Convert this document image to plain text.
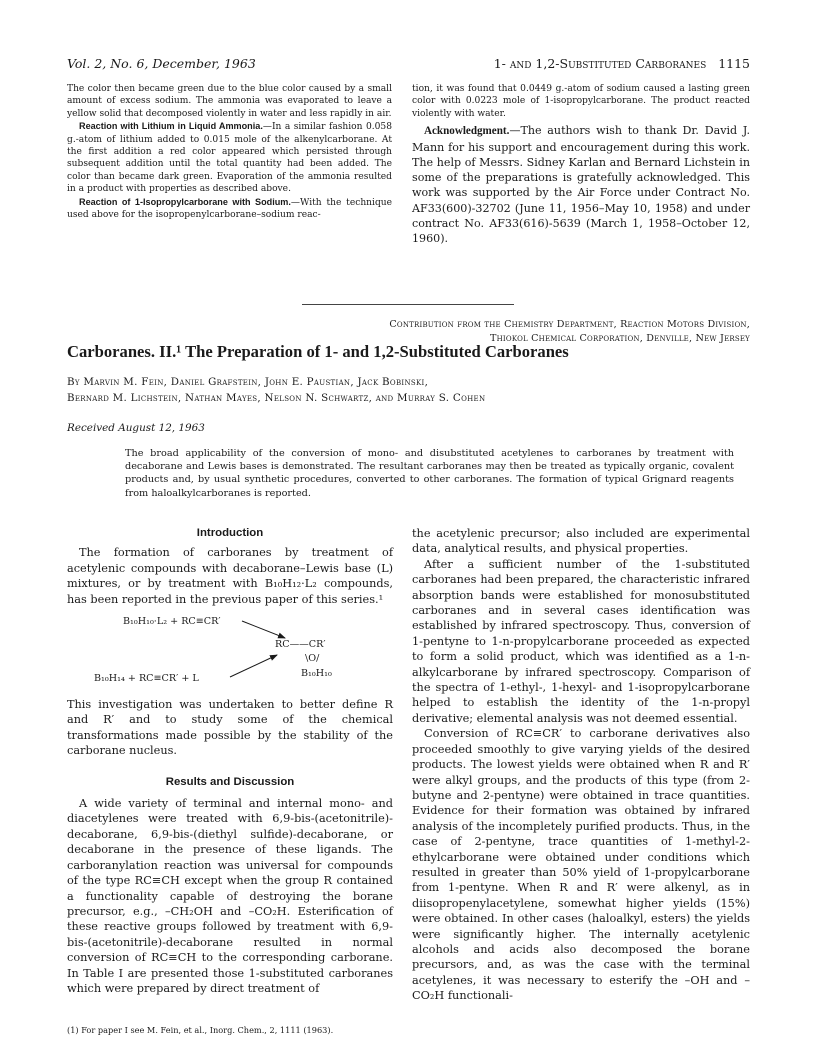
Vol. 2, No. 6, December, 1963	1- and 1,2-Substituted Carboranes 1115

The color then became green due to the blue color caused by a small amount of excess sodium. The ammonia was evaporated to leave a yellow solid that decomposed violently in water and less rapidly in air.

Reaction with Lithium in Liquid Ammonia.—In a similar fashion 0.058 g.-atom of lithium added to 0.015 mole of the alkenylcarborane. At the first addition a red color appeared which persisted through subsequent addition until the total quantity had been added. The color than became dark green. Evaporation of the ammonia resulted in a product with properties as described above.

Reaction of 1-Isopropylcarborane with Sodium.—With the technique used above for the isopropenylcarborane–sodium reac-

tion, it was found that 0.0449 g.-atom of sodium caused a lasting green color with 0.0223 mole of 1-isopropylcarborane. The product reacted violently with water.

Acknowledgment.—The authors wish to thank Dr. David J. Mann for his support and encouragement during this work. The help of Messrs. Sidney Karlan and Bernard Lichstein in some of the preparations is gratefully acknowledged. This work was supported by the Air Force under Contract No. AF33(600)-32702 (June 11, 1956–May 10, 1958) and under contract No. AF33(616)-5639 (March 1, 1958–October 12, 1960).

Contribution from the Chemistry Department, Reaction Motors Division,
Thiokol Chemical Corporation, Denville, New Jersey
Carboranes. II.¹ The Preparation of 1- and 1,2-Substituted Carboranes
By Marvin M. Fein, Daniel Grafstein, John E. Paustian, Jack Bobinski,
Bernard M. Lichstein, Nathan Mayes, Nelson N. Schwartz, and Murray S. Cohen
Received August 12, 1963
The broad applicability of the conversion of mono- and disubstituted acetylenes to carboranes by treatment with decaborane and Lewis bases is demonstrated. The resultant carboranes may then be treated as typically organic, covalent products and, by usual synthetic procedures, converted to other carboranes. The formation of typical Grignard reagents from haloalkylcarboranes is reported.

Introduction

The formation of carboranes by treatment of acetylenic compounds with decaborane–Lewis base (L) mixtures, or by treatment with B₁₀H₁₂·L₂ compounds, has been reported in the previous paper of this series.¹

B₁₀H₁₀·L₂ + RC≡CR′
B₁₀H₁₄ + RC≡CR′ + L
RC——CR′
\O/
B₁₀H₁₀

This investigation was undertaken to better define R and R′ and to study some of the chemical transformations made possible by the stability of the carborane nucleus.

Results and Discussion

A wide variety of terminal and internal mono- and diacetylenes were treated with 6,9-bis-(acetonitrile)-decaborane, 6,9-bis-(diethyl sulfide)-decaborane, or decaborane in the presence of these ligands. The carboranylation reaction was universal for compounds of the type RC≡CH except when the group R contained a functionality capable of destroying the borane precursor, e.g., –CH₂OH and –CO₂H. Esterification of these reactive groups followed by treatment with 6,9-bis-(acetonitrile)-decaborane resulted in normal conversion of RC≡CH to the corresponding carborane. In Table I are presented those 1-substituted carboranes which were prepared by direct treatment of

the acetylenic precursor; also included are experimental data, analytical results, and physical properties.

After a sufficient number of the 1-substituted carboranes had been prepared, the characteristic infrared absorption bands were established for monosubstituted carboranes and in several cases identification was established by infrared spectroscopy. Thus, conversion of 1-pentyne to 1-n-propylcarborane proceeded as expected to form a solid product, which was identified as a 1-n-alkylcarborane by infrared spectroscopy. Comparison of the spectra of 1-ethyl-, 1-hexyl- and 1-isopropylcarborane helped to establish the identity of the 1-n-propyl derivative; elemental analysis was not deemed essential.

Conversion of RC≡CR′ to carborane derivatives also proceeded smoothly to give varying yields of the desired products. The lowest yields were obtained when R and R′ were alkyl groups, and the products of this type (from 2-butyne and 2-pentyne) were obtained in trace quantities. Evidence for their formation was obtained by infrared analysis of the incompletely purified products. Thus, in the case of 2-pentyne, trace quantities of 1-methyl-2-ethylcarborane were obtained under conditions which resulted in greater than 50% yield of 1-propylcarborane from 1-pentyne. When R and R′ were alkenyl, as in diisopropenylacetylene, somewhat higher yields (15%) were obtained. In other cases (haloalkyl, esters) the yields were significantly higher. The internally acetylenic alcohols and acids also decomposed the borane precursors, and, as was the case with the terminal acetylenes, it was necessary to esterify the –OH and –CO₂H functionali-

(1) For paper I see M. Fein, et al., Inorg. Chem., 2, 1111 (1963).
